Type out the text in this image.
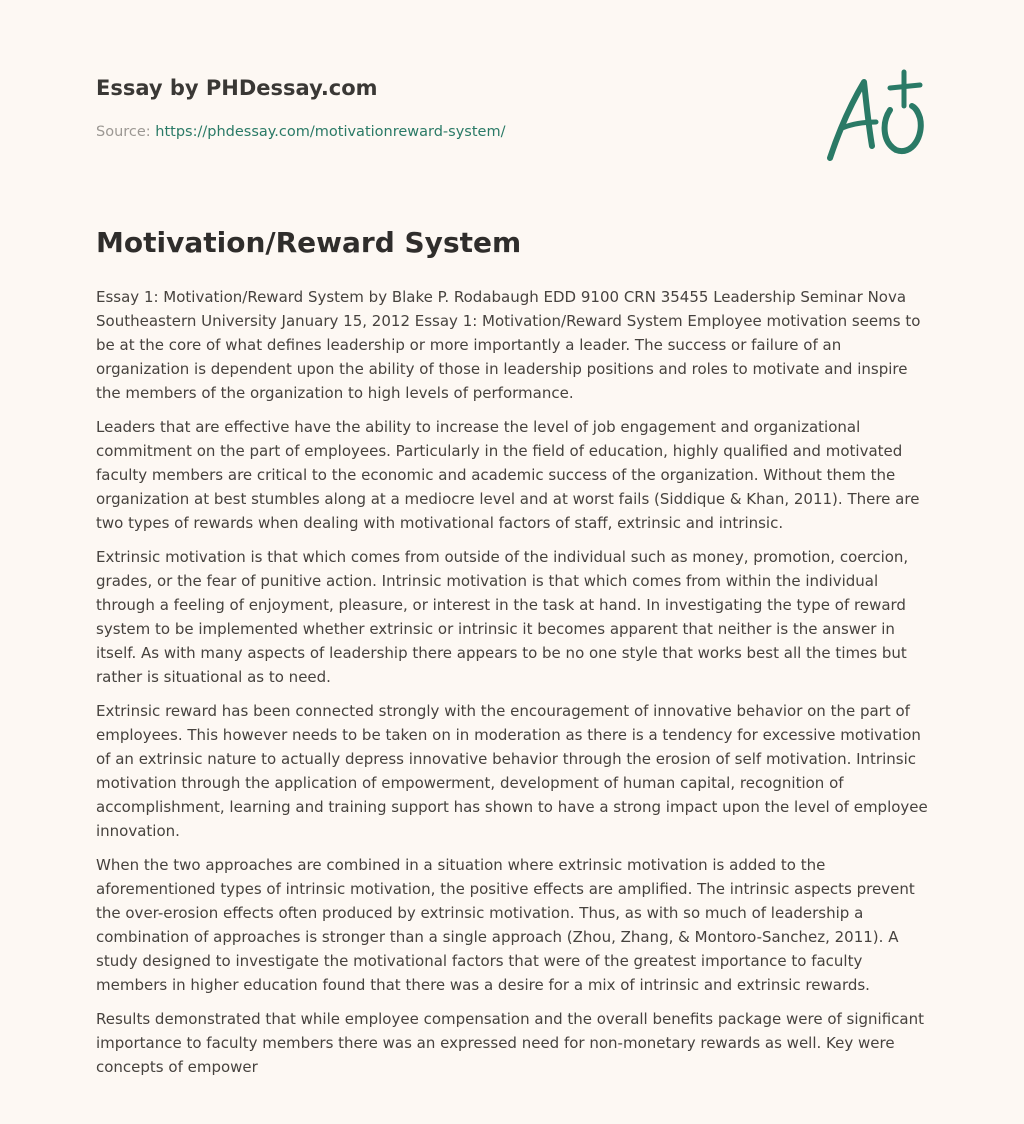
Essay by PHDessay.com
Source: https://phdessay.com/motivationreward-system/
Motivation/Reward System

Essay 1: Motivation/Reward System by Blake P. Rodabaugh EDD 9100 CRN 35455 Leadership Seminar Nova Southeastern University January 15, 2012 Essay 1: Motivation/Reward System Employee motivation seems to be at the core of what defines leadership or more importantly a leader. The success or failure of an organization is dependent upon the ability of those in leadership positions and roles to motivate and inspire the members of the organization to high levels of performance.

Leaders that are effective have the ability to increase the level of job engagement and organizational commitment on the part of employees. Particularly in the field of education, highly qualified and motivated faculty members are critical to the economic and academic success of the organization. Without them the organization at best stumbles along at a mediocre level and at worst fails (Siddique & Khan, 2011). There are two types of rewards when dealing with motivational factors of staff, extrinsic and intrinsic.

Extrinsic motivation is that which comes from outside of the individual such as money, promotion, coercion, grades, or the fear of punitive action. Intrinsic motivation is that which comes from within the individual through a feeling of enjoyment, pleasure, or interest in the task at hand. In investigating the type of reward system to be implemented whether extrinsic or intrinsic it becomes apparent that neither is the answer in itself. As with many aspects of leadership there appears to be no one style that works best all the times but rather is situational as to need.

Extrinsic reward has been connected strongly with the encouragement of innovative behavior on the part of employees. This however needs to be taken on in moderation as there is a tendency for excessive motivation of an extrinsic nature to actually depress innovative behavior through the erosion of self motivation. Intrinsic motivation through the application of empowerment, development of human capital, recognition of accomplishment, learning and training support has shown to have a strong impact upon the level of employee innovation.

When the two approaches are combined in a situation where extrinsic motivation is added to the aforementioned types of intrinsic motivation, the positive effects are amplified. The intrinsic aspects prevent the over-erosion effects often produced by extrinsic motivation. Thus, as with so much of leadership a combination of approaches is stronger than a single approach (Zhou, Zhang, & Montoro-Sanchez, 2011). A study designed to investigate the motivational factors that were of the greatest importance to faculty members in higher education found that there was a desire for a mix of intrinsic and extrinsic rewards.

Results demonstrated that while employee compensation and the overall benefits package were of significant importance to faculty members there was an expressed need for non-monetary rewards as well. Key were concepts of empower
